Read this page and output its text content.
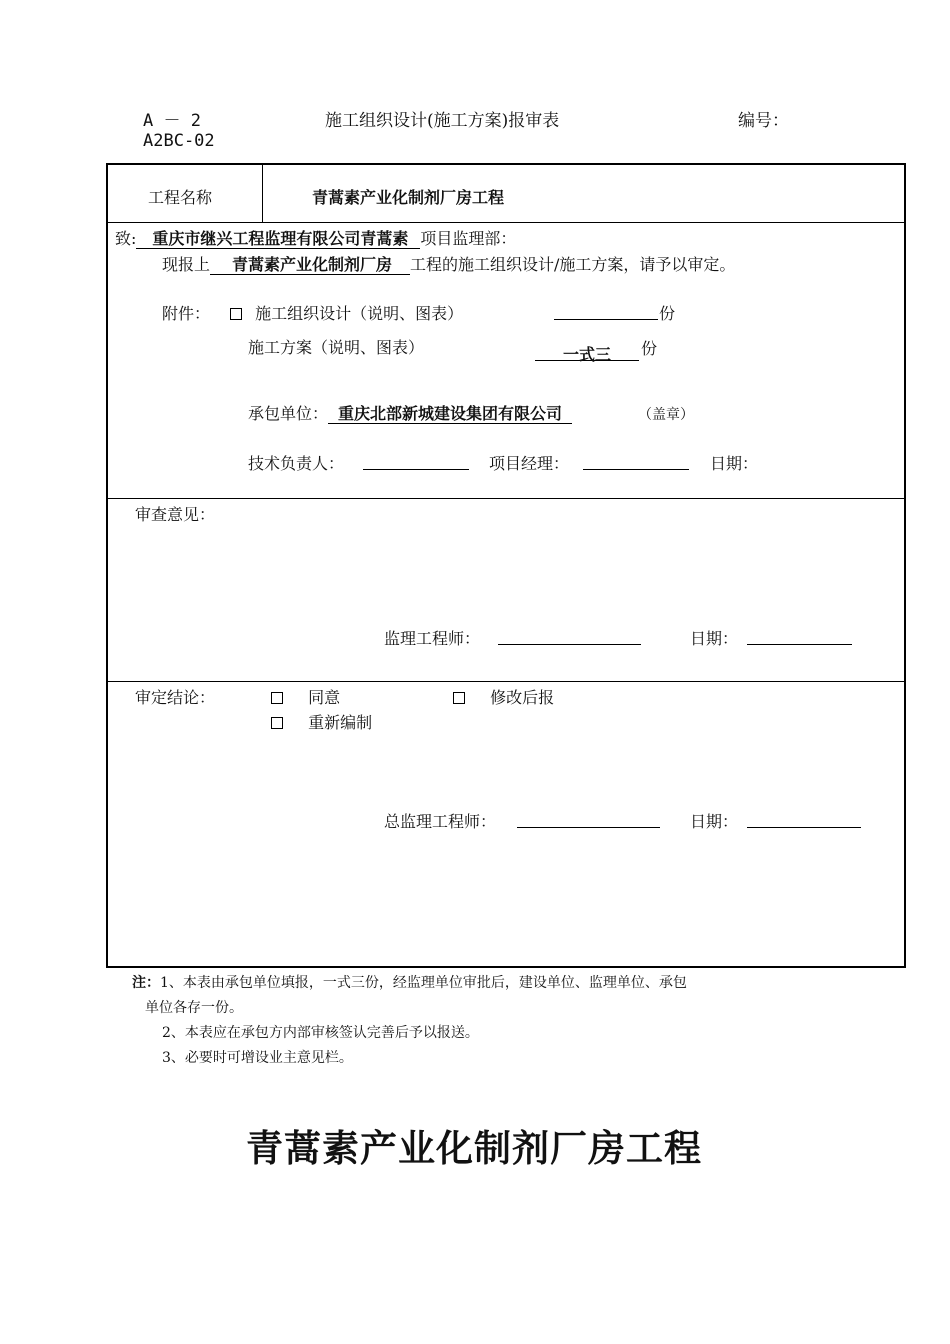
A － 2	施工组织设计(施工方案)报审表	编号：
A2BC-02
工程名称	青蒿素产业化制剂厂房工程
致: 重庆市继兴工程监理有限公司青蒿素 项目监理部：
现报上 青蒿素产业化制剂厂房 工程的施工组织设计/施工方案，请予以审定。
附件：	施工组织设计（说明、图表）	份
施工方案（说明、图表）	一式三 份
承包单位： 重庆北部新城建设集团有限公司	（盖章）
技术负责人：	项目经理：	日期：
审查意见：
监理工程师：	日期：
审定结论：	同意	修改后报
重新编制
总监理工程师：	日期：
注：1、本表由承包单位填报，一式三份，经监理单位审批后，建设单位、监理单位、承包
单位各存一份。
2、本表应在承包方内部审核签认完善后予以报送。
3、必要时可增设业主意见栏。
青蒿素产业化制剂厂房工程
